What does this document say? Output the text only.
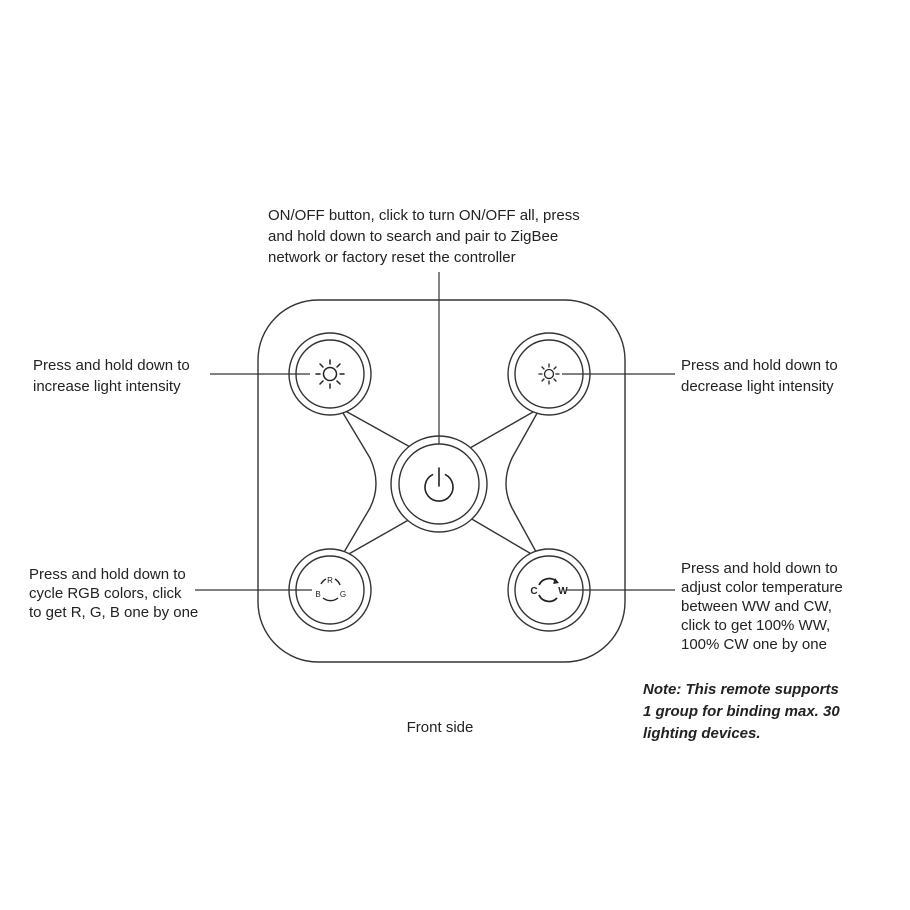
R
B G	C W
ON/OFF button, click to turn ON/OFF all, press
and hold down to search and pair to ZigBee
network or factory reset the controller
Press and hold down to
increase light intensity
Press and hold down to
decrease light intensity
Press and hold down to
cycle RGB colors, click
to get R, G, B one by one
Press and hold down to
adjust color temperature
between WW and CW,
click to get 100% WW,
100% CW one by one
Note: This remote supports
1 group for binding max. 30
lighting devices.
Front side
